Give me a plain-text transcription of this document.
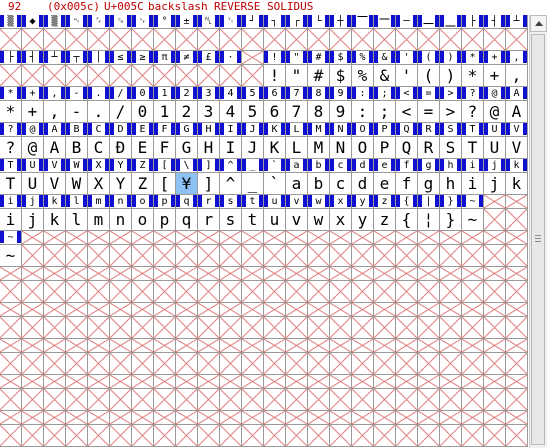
92

(0x005c)

U+005C

backslash

REVERSE SOLIDUS

▒	◆	▒	␉	␌	␍	␊	°	±	␤	␋	┘	┐	┌	└	┼	⎺	⎻	─	⎼	⎽	├	┤	┴
├	┤	┴	┬	│	≤	≥	π	≠	£	·	!	"	#	$	%	&	'	(	)	*	+	,
! " # $ % & ' ( ) * + ,
*	+	,	-	.	/	0	1	2	3	4	5	6	7	8	9	:	;	<	=	>	?	@	A
* + , - . / 0 1 2 3 4 5 6 7 8 9 : ; < = > ? @ A
?	@	A	B	C	D	E	F	G	H	I	J	K	L	M	N	O	P	Q	R	S	T	U	V
? @ A B C Đ E F G H I J K L M N O P Q R S T U V
T	U	V	W	X	Y	Z	[	\	]	^	_	`	a	b	c	d	e	f	g	h	i	j	k
T U V W X Y Z [ ¥ ] ^ _ ` a b c d e f g h i j k
i	j	k	l	m	n	o	p	q	r	s	t	u	v	w	x	y	z	{	|	}	~
i j k l m n o p q r s t u v w x y z { ¦ } ~
~
~
